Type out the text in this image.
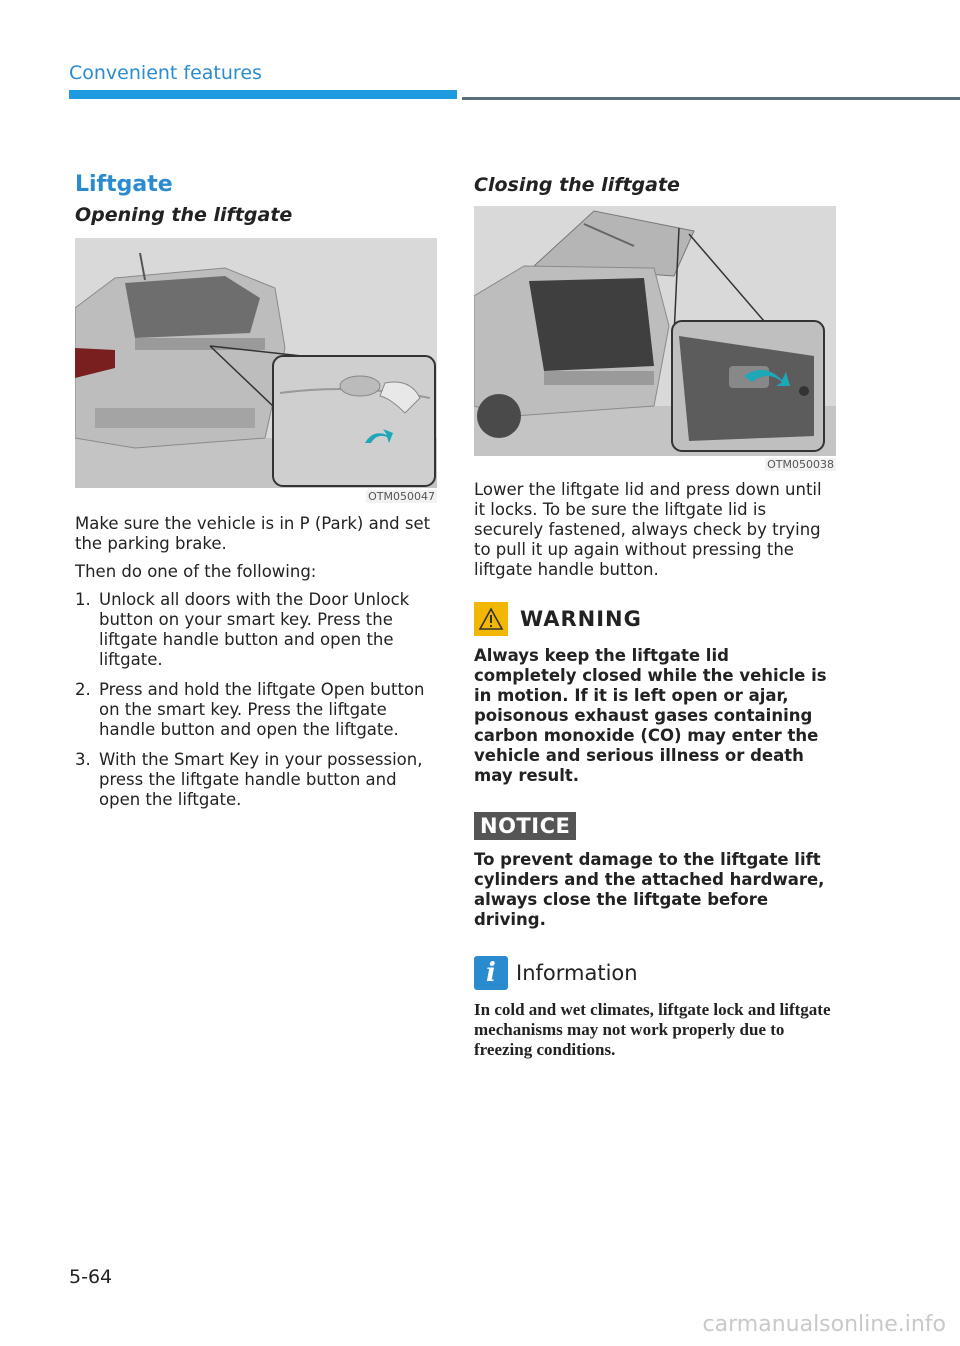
Convenient features
Liftgate
Opening the liftgate
OTM050047

Make sure the vehicle is in P (Park) and set the parking brake.

Then do one of the following:

1. Unlock all doors with the Door Unlock button on your smart key. Press the liftgate handle button and open the liftgate.
2. Press and hold the liftgate Open button on the smart key. Press the liftgate handle button and open the liftgate.
3. With the Smart Key in your possession, press the liftgate handle button and open the liftgate.
Closing the liftgate
OTM050038

Lower the liftgate lid and press down until it locks. To be sure the liftgate lid is securely fastened, always check by trying to pull it up again without pressing the liftgate handle button.

WARNING

Always keep the liftgate lid completely closed while the vehicle is in motion. If it is left open or ajar, poisonous exhaust gases containing carbon monoxide (CO) may enter the vehicle and serious illness or death may result.

NOTICE

To prevent damage to the liftgate lift cylinders and the attached hardware, always close the liftgate before driving.

i Information

In cold and wet climates, liftgate lock and liftgate mechanisms may not work properly due to freezing conditions.

5-64
carmanualsonline.info
